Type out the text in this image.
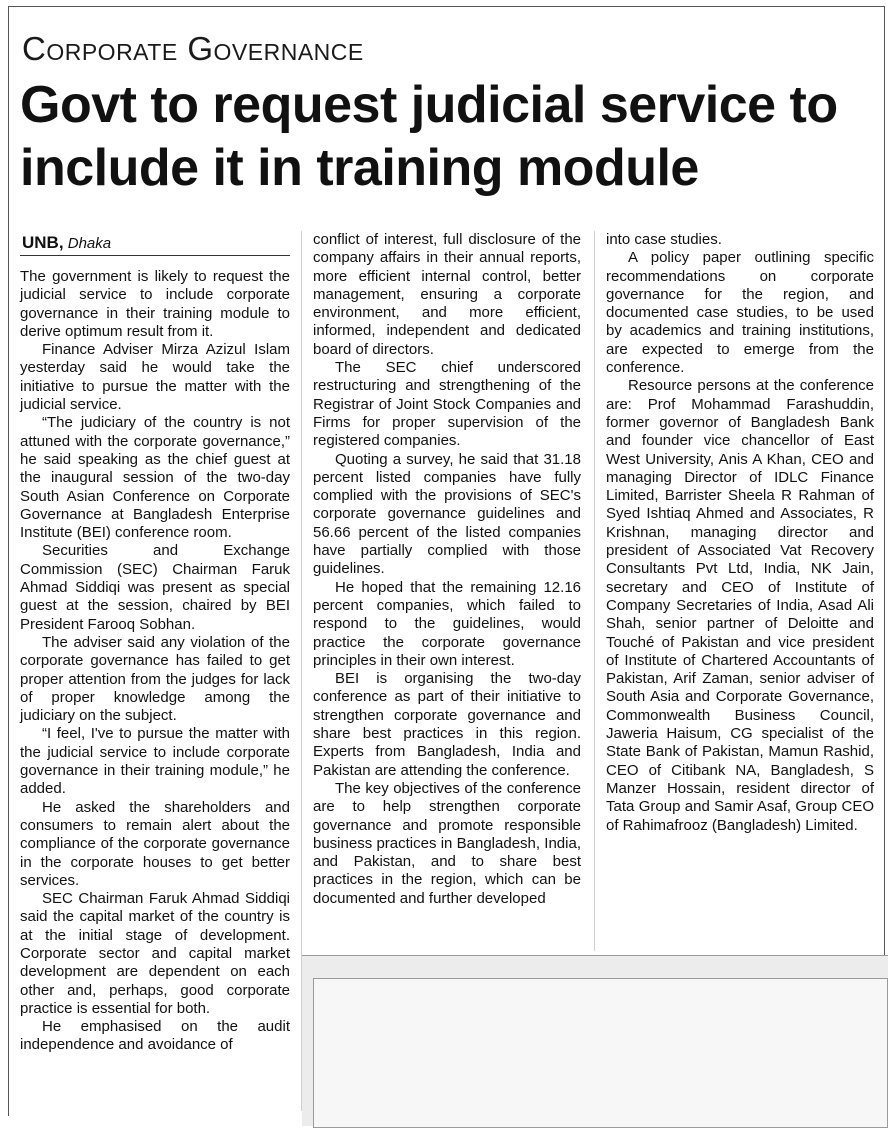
Corporate Governance
Govt to request judicial service to include it in training module
UNB, Dhaka

The government is likely to request the judicial service to include corporate governance in their training module to derive optimum result from it.

Finance Adviser Mirza Azizul Islam yesterday said he would take the initiative to pursue the matter with the judicial service.

“The judiciary of the country is not attuned with the corporate governance,” he said speaking as the chief guest at the inaugural session of the two-day South Asian Conference on Corporate Governance at Bangladesh Enterprise Institute (BEI) conference room.

Securities and Exchange Commission (SEC) Chairman Faruk Ahmad Siddiqi was present as special guest at the session, chaired by BEI President Farooq Sobhan.

The adviser said any violation of the corporate governance has failed to get proper attention from the judges for lack of proper knowledge among the judiciary on the subject.

“I feel, I've to pursue the matter with the judicial service to include corporate governance in their training module,” he added.

He asked the shareholders and consumers to remain alert about the compliance of the corporate governance in the corporate houses to get better services.

SEC Chairman Faruk Ahmad Siddiqi said the capital market of the country is at the initial stage of development. Corporate sector and capital market development are dependent on each other and, perhaps, good corporate practice is essential for both.

He emphasised on the audit independence and avoidance of

conflict of interest, full disclosure of the company affairs in their annual reports, more efficient internal control, better management, ensuring a corporate environment, and more efficient, informed, independent and dedicated board of directors.

The SEC chief underscored restructuring and strengthening of the Registrar of Joint Stock Companies and Firms for proper supervision of the registered companies.

Quoting a survey, he said that 31.18 percent listed companies have fully complied with the provisions of SEC's corporate governance guidelines and 56.66 percent of the listed companies have partially complied with those guidelines.

He hoped that the remaining 12.16 percent companies, which failed to respond to the guidelines, would practice the corporate governance principles in their own interest.

BEI is organising the two-day conference as part of their initiative to strengthen corporate governance and share best practices in this region. Experts from Bangladesh, India and Pakistan are attending the conference.

The key objectives of the conference are to help strengthen corporate governance and promote responsible business practices in Bangladesh, India, and Pakistan, and to share best practices in the region, which can be documented and further developed

into case studies.

A policy paper outlining specific recommendations on corporate governance for the region, and documented case studies, to be used by academics and training institutions, are expected to emerge from the conference.

Resource persons at the conference are: Prof Mohammad Farashuddin, former governor of Bangladesh Bank and founder vice chancellor of East West University, Anis A Khan, CEO and managing Director of IDLC Finance Limited, Barrister Sheela R Rahman of Syed Ishtiaq Ahmed and Associates, R Krishnan, managing director and president of Associated Vat Recovery Consultants Pvt Ltd, India, NK Jain, secretary and CEO of Institute of Company Secretaries of India, Asad Ali Shah, senior partner of Deloitte and Touché of Pakistan and vice president of Institute of Chartered Accountants of Pakistan, Arif Zaman, senior adviser of South Asia and Corporate Governance, Commonwealth Business Council, Jaweria Haisum, CG specialist of the State Bank of Pakistan, Mamun Rashid, CEO of Citibank NA, Bangladesh, S Manzer Hossain, resident director of Tata Group and Samir Asaf, Group CEO of Rahimafrooz (Bangladesh) Limited.
